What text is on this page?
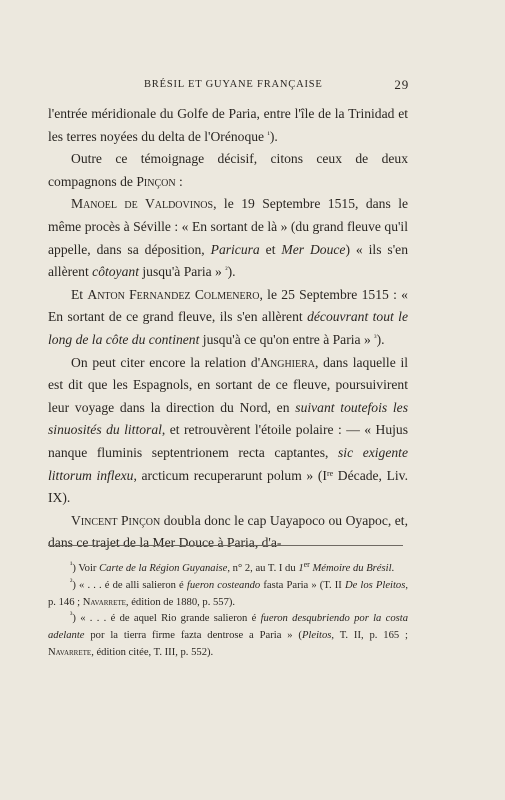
BRÉSIL ET GUYANE FRANÇAISE	29

l'entrée méridionale du Golfe de Paria, entre l'île de la Trinidad et les terres noyées du delta de l'Orénoque $^{^1}$).

Outre ce témoignage décisif, citons ceux de deux compagnons de Pinçon :

Manoel de Valdovinos, le 19 Septembre 1515, dans le même procès à Séville : « En sortant de là » (du grand fleuve qu'il appelle, dans sa déposition, Paricura et Mer Douce) « ils s'en allèrent côtoyant jusqu'à Paria » $^{^2}$).

Et Anton Fernandez Colmenero, le 25 Septembre 1515 : « En sortant de ce grand fleuve, ils s'en allèrent découvrant tout le long de la côte du continent jusqu'à ce qu'on entre à Paria » $^{^3}$).

On peut citer encore la relation d'Anghiera, dans laquelle il est dit que les Espagnols, en sortant de ce fleuve, poursuivirent leur voyage dans la direction du Nord, en suivant toutefois les sinuosités du littoral, et retrouvèrent l'étoile polaire : — « Hujus nanque fluminis septentrionem recta captantes, sic exigente littorum inflexu, arcticum recuperarunt polum » (Ire Décade, Liv. IX).

Vincent Pinçon doubla donc le cap Uayapoco ou Oyapoc, et, dans ce trajet de la Mer Douce à Paria, d'a-

$^{^1}$) Voir Carte de la Région Guyanaise, n° 2, au T. I du 1er Mémoire du Brésil.

$^{^2}$) « . . . é de alli salieron é fueron costeando fasta Paria » (T. II De los Pleitos, p. 146 ; Navarrete, édition de 1880, p. 557).

$^{^3}$) « . . . é de aquel Rio grande salieron é fueron desqubriendo por la costa adelante por la tierra firme fazta dentrose a Paria » (Pleitos, T. II, p. 165 ; Navarrete, édition citée, T. III, p. 552).
